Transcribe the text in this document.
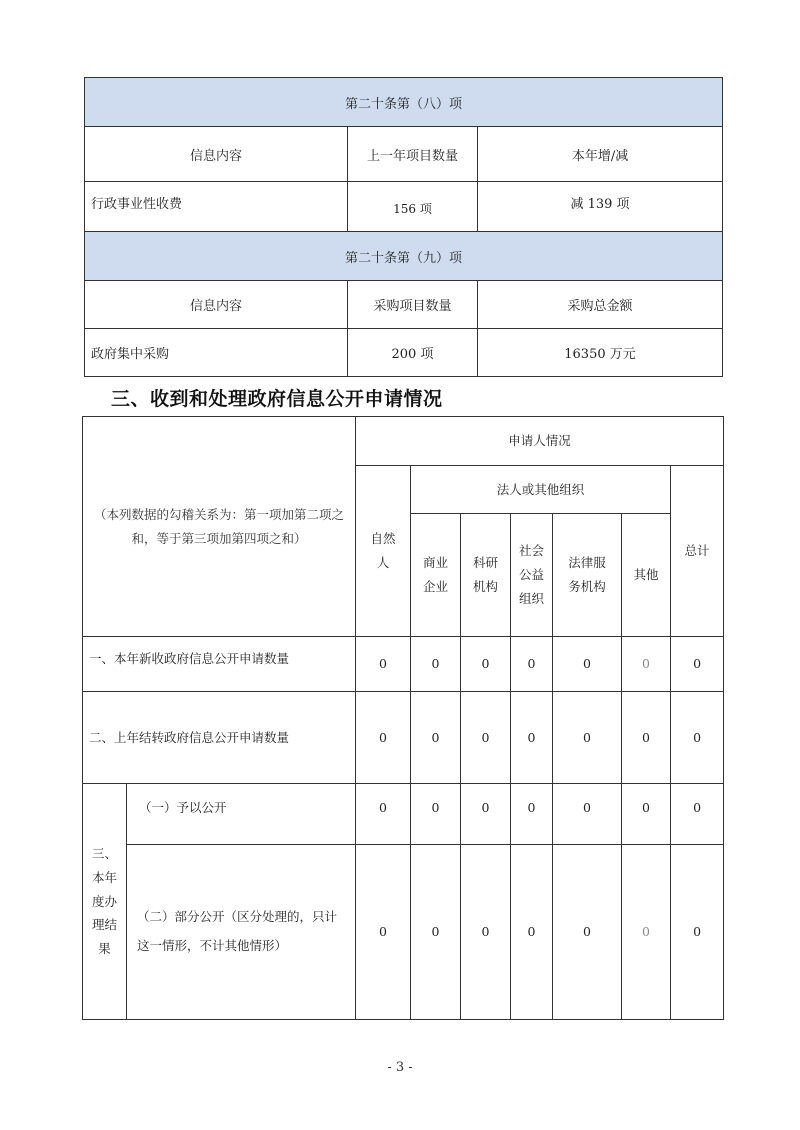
第二十条第（八）项		
信息内容	上一年项目数量	本年增/减
行政事业性收费	156 项	减 139 项
第二十条第（九）项		
信息内容	采购项目数量	采购总金额
政府集中采购	200 项	16350 万元
三、收到和处理政府信息公开申请情况
（本列数据的勾稽关系为：第一项加第二项之和，等于第三项加第四项之和）		申请人情况						
		自然人	法人或其他组织					总计
			商业企业	科研机构	社会公益组织	法律服务机构	其他	
一、本年新收政府信息公开申请数量		0	0	0	0	0	0	0
二、上年结转政府信息公开申请数量		0	0	0	0	0	0	0
三、本年度办理结果	（一）予以公开	0	0	0	0	0	0	0
	（二）部分公开（区分处理的，只计这一情形，不计其他情形）	0	0	0	0	0	0	0
- 3 -
